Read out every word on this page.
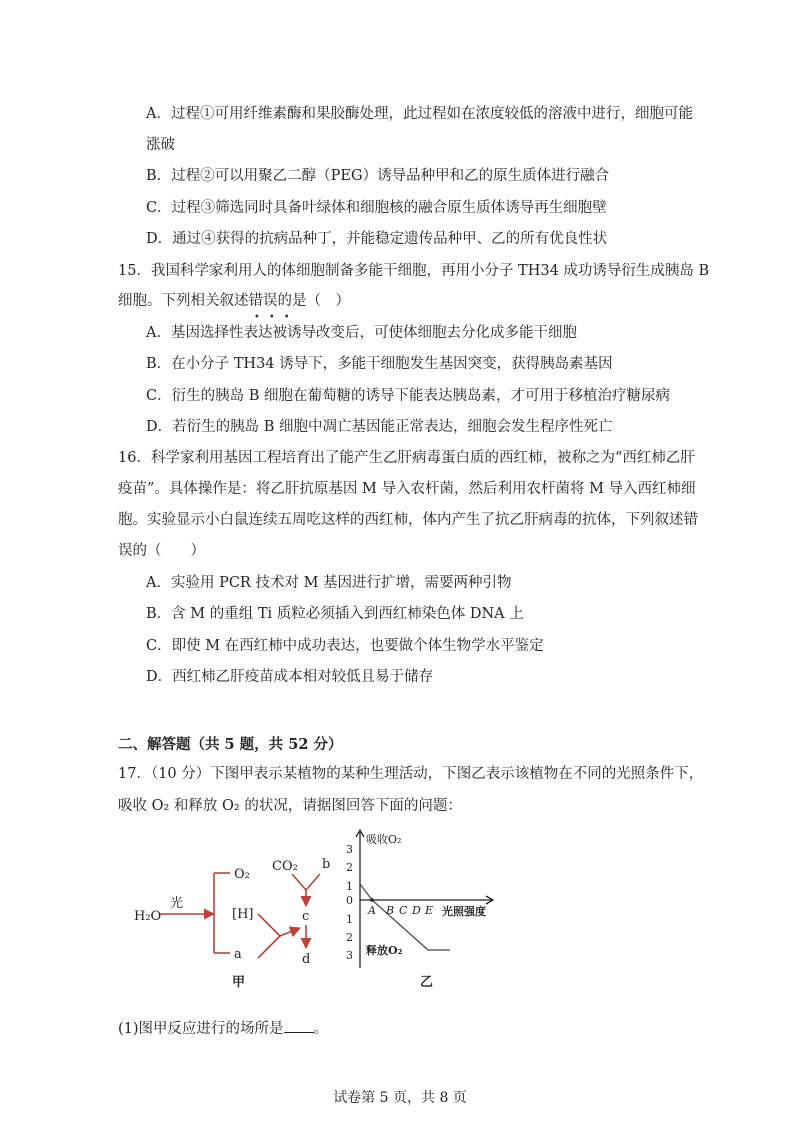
A．过程①可用纤维素酶和果胶酶处理，此过程如在浓度较低的溶液中进行，细胞可能
涨破
B．过程②可以用聚乙二醇（PEG）诱导品种甲和乙的原生质体进行融合
C．过程③筛选同时具备叶绿体和细胞核的融合原生质体诱导再生细胞壁
D．通过④获得的抗病品种丁，并能稳定遗传品种甲、乙的所有优良性状
15．我国科学家利用人的体细胞制备多能干细胞，再用小分子 TH34 成功诱导衍生成胰岛 B
细胞。下列相关叙述错误的是（　）
•••
A．基因选择性表达被诱导改变后，可使体细胞去分化成多能干细胞
B．在小分子 TH34 诱导下，多能干细胞发生基因突变，获得胰岛素基因
C．衍生的胰岛 B 细胞在葡萄糖的诱导下能表达胰岛素，才可用于移植治疗糖尿病
D．若衍生的胰岛 B 细胞中凋亡基因能正常表达，细胞会发生程序性死亡
16．科学家利用基因工程培育出了能产生乙肝病毒蛋白质的西红柿，被称之为“西红柿乙肝
疫苗”。具体操作是：将乙肝抗原基因 M 导入农杆菌，然后利用农杆菌将 M 导入西红柿细
胞。实验显示小白鼠连续五周吃这样的西红柿，体内产生了抗乙肝病毒的抗体，下列叙述错
误的（　　）
A．实验用 PCR 技术对 M 基因进行扩增，需要两种引物
B．含 M 的重组 Ti 质粒必须插入到西红柿染色体 DNA 上
C．即使 M 在西红柿中成功表达，也要做个体生物学水平鉴定
D．西红柿乙肝疫苗成本相对较低且易于储存
二、解答题（共 5 题，共 52 分）
17．（10 分）下图甲表示某植物的某种生理活动，下图乙表示该植物在不同的光照条件下，
吸收 O₂ 和释放 O₂ 的状况，请据图回答下面的问题：
H₂O
光
O₂
[H]
a
CO₂ b
c
d
甲
吸收O₂
释放O₂
光照强度
1
2
3
0
1
2
3
A B C D E
乙
(1)图甲反应进行的场所是 。
试卷第 5 页，共 8 页
